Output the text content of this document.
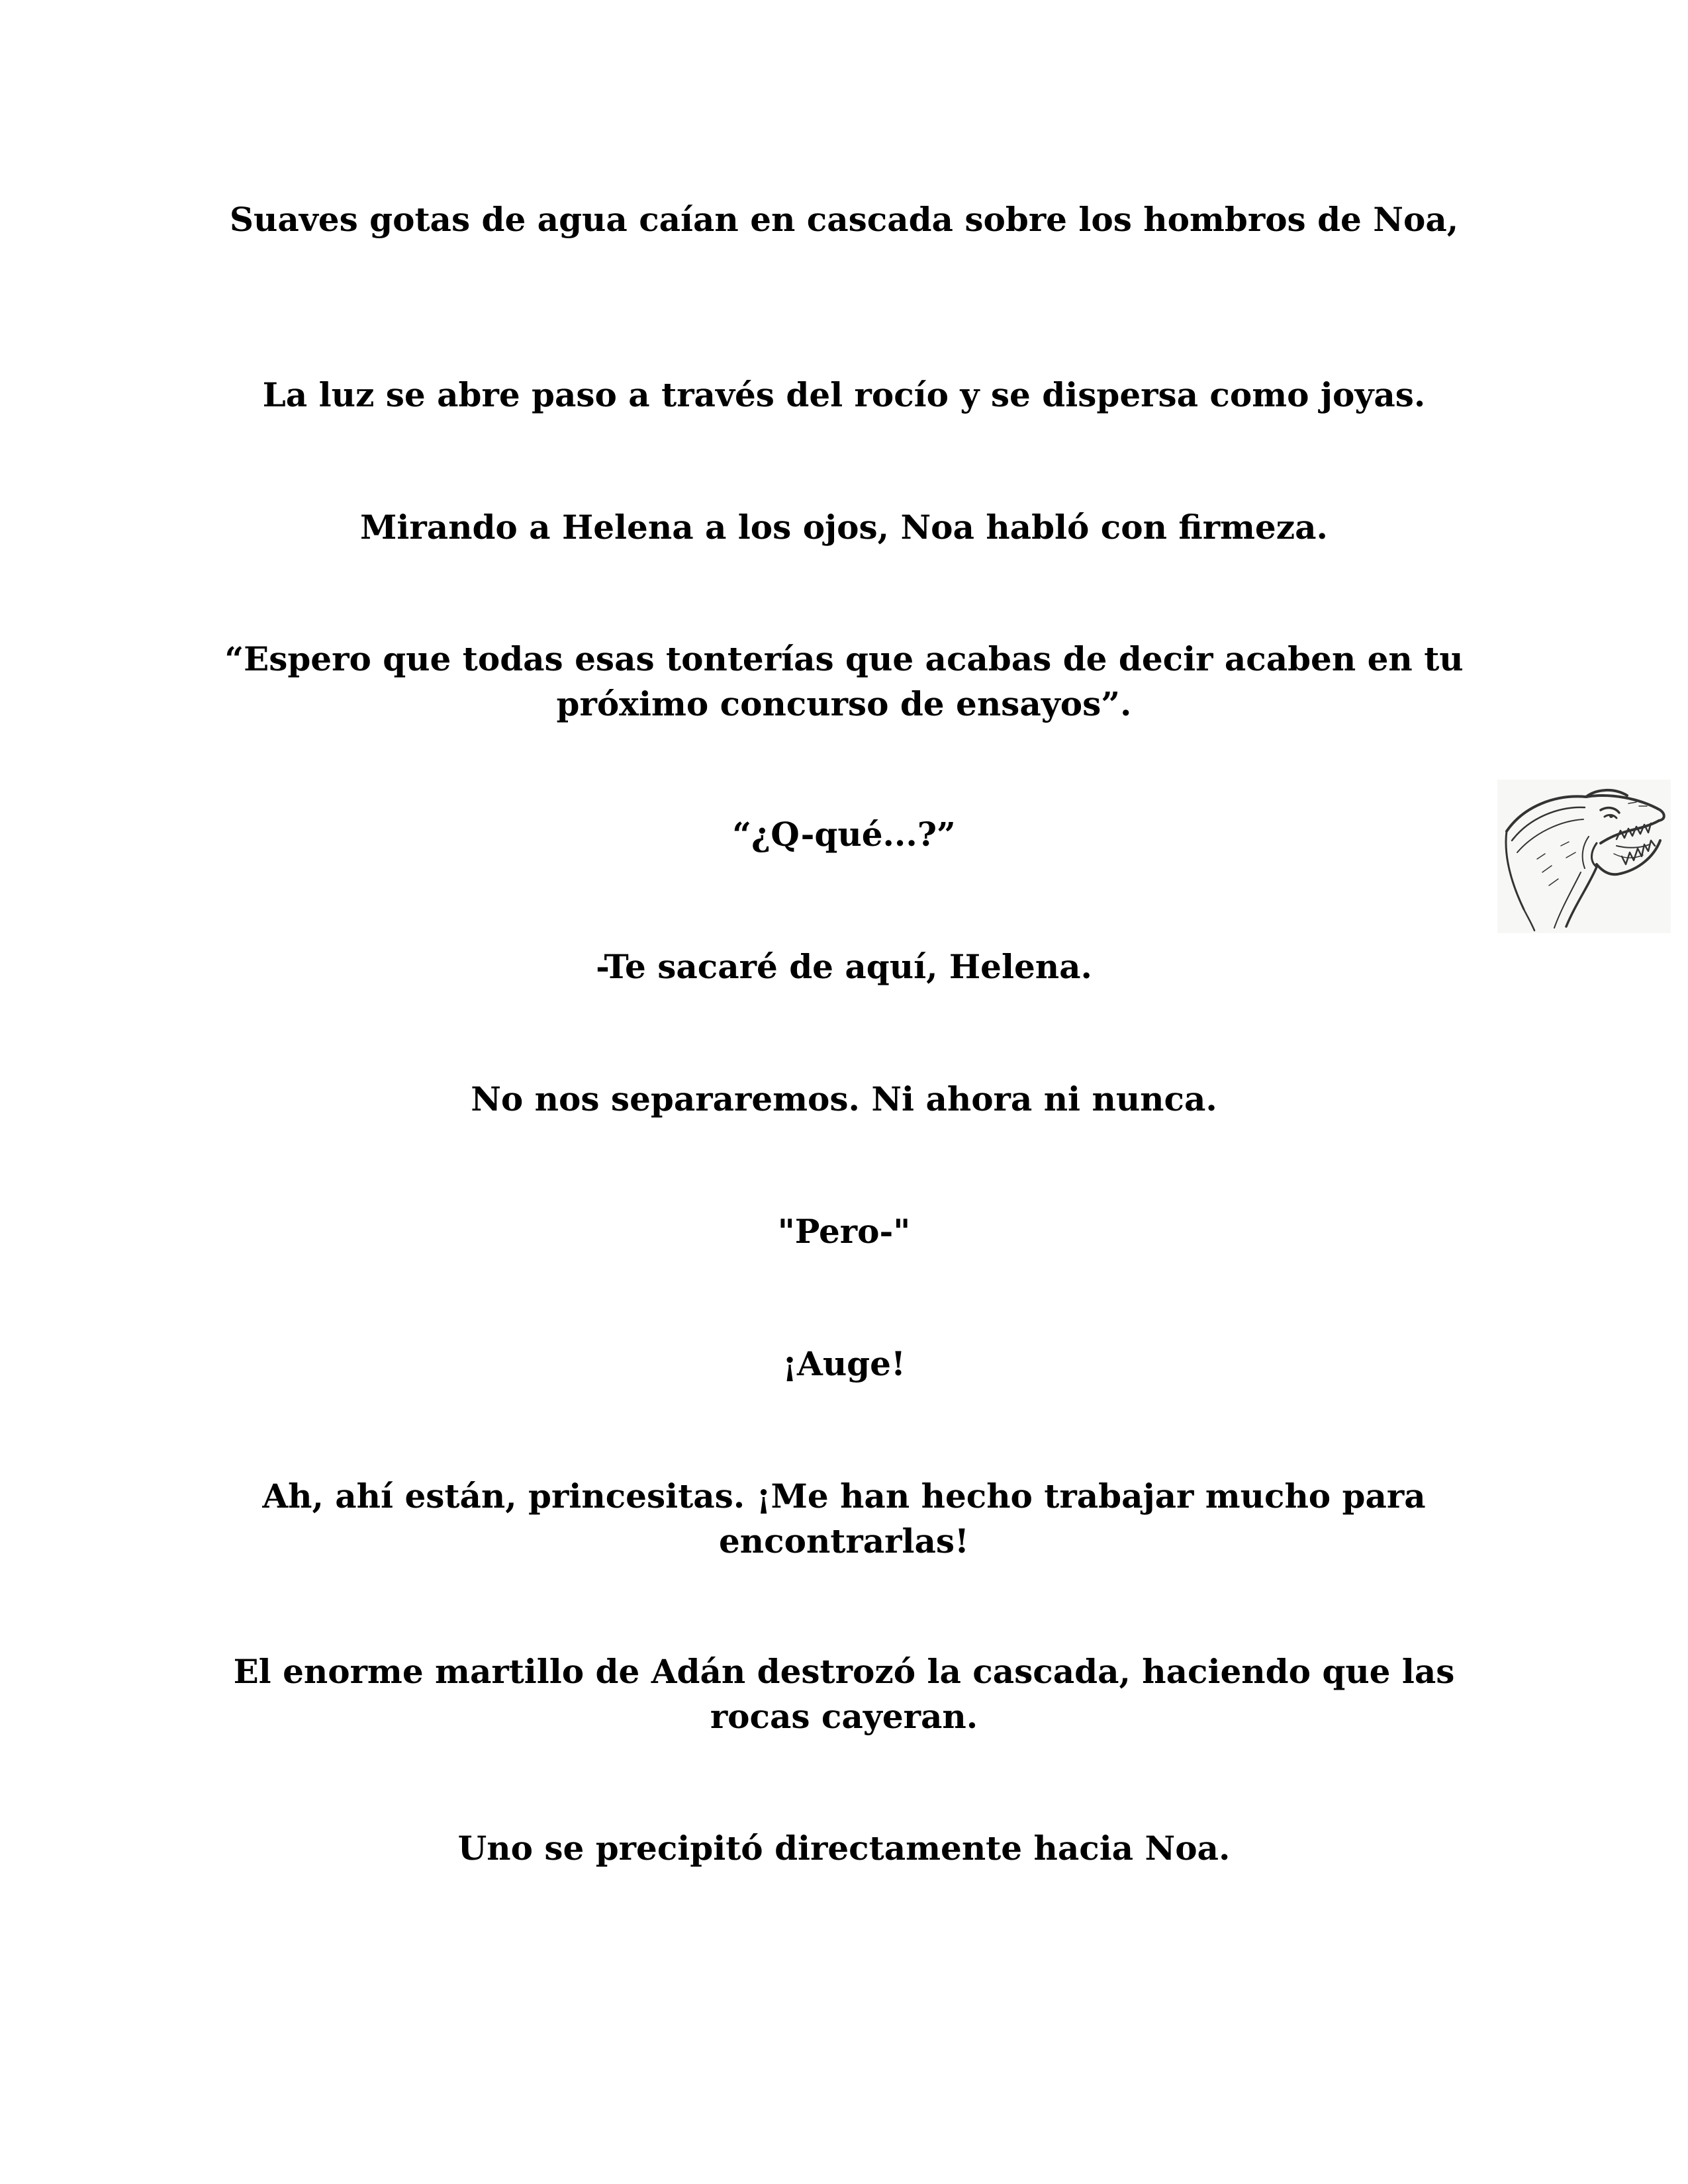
Suaves gotas de agua caían en cascada sobre los hombros de Noa,

La luz se abre paso a través del rocío y se dispersa como joyas.

Mirando a Helena a los ojos, Noa habló con firmeza.

“Espero que todas esas tonterías que acabas de decir acaben en tu próximo concurso de ensayos”.

“¿Q-qué...?”

-Te sacaré de aquí, Helena.

No nos separaremos. Ni ahora ni nunca.

"Pero-"

¡Auge!

Ah, ahí están, princesitas. ¡Me han hecho trabajar mucho para encontrarlas!

El enorme martillo de Adán destrozó la cascada, haciendo que las rocas cayeran.

Uno se precipitó directamente hacia Noa.
